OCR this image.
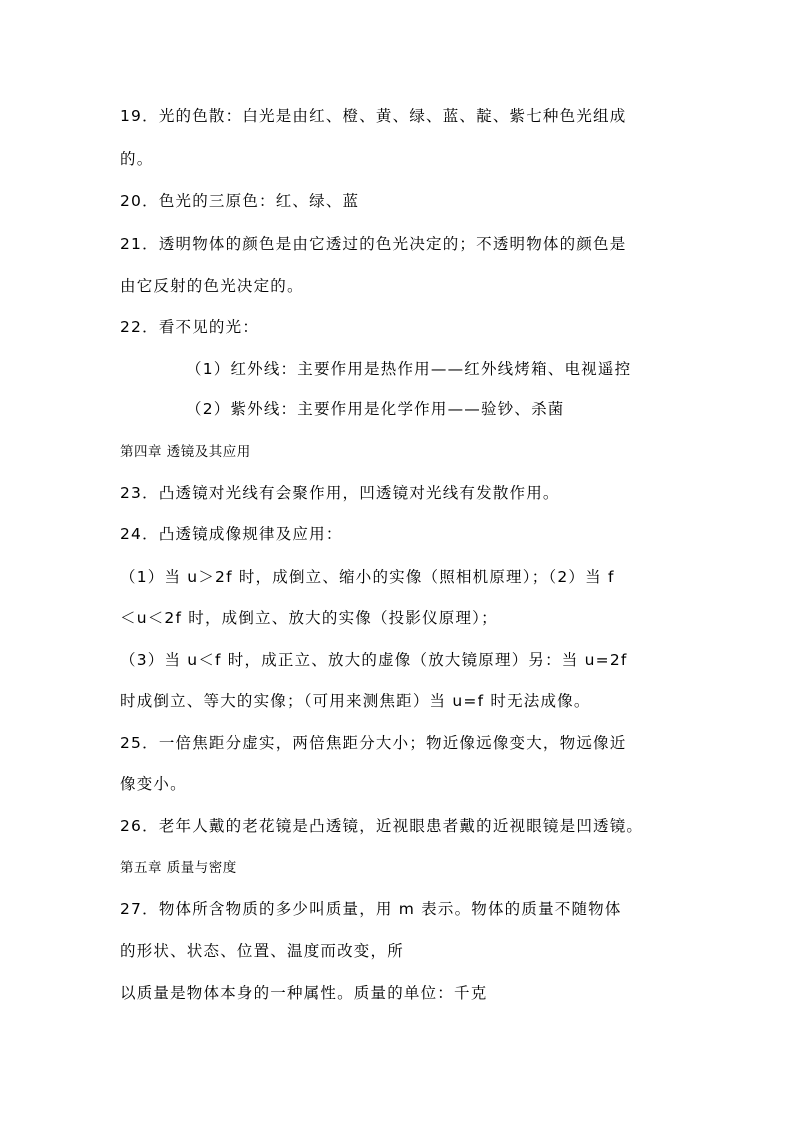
19．光的色散：白光是由红、橙、黄、绿、蓝、靛、紫七种色光组成
的。
20．色光的三原色：红、绿、蓝
21．透明物体的颜色是由它透过的色光决定的；不透明物体的颜色是
由它反射的色光决定的。
22．看不见的光：
（1）红外线：主要作用是热作用——红外线烤箱、电视遥控
（2）紫外线：主要作用是化学作用——验钞、杀菌
第四章 透镜及其应用
23．凸透镜对光线有会聚作用，凹透镜对光线有发散作用。
24．凸透镜成像规律及应用：
（1）当 u＞2f 时，成倒立、缩小的实像（照相机原理）；（2）当 f
＜u＜2f 时，成倒立、放大的实像（投影仪原理）；
（3）当 u＜f 时，成正立、放大的虚像（放大镜原理）另：当 u=2f
时成倒立、等大的实像；（可用来测焦距）当 u=f 时无法成像。
25．一倍焦距分虚实，两倍焦距分大小；物近像远像变大，物远像近
像变小。
26．老年人戴的老花镜是凸透镜，近视眼患者戴的近视眼镜是凹透镜。
第五章 质量与密度
27．物体所含物质的多少叫质量，用 m 表示。物体的质量不随物体
的形状、状态、位置、温度而改变，所
以质量是物体本身的一种属性。质量的单位：千克
